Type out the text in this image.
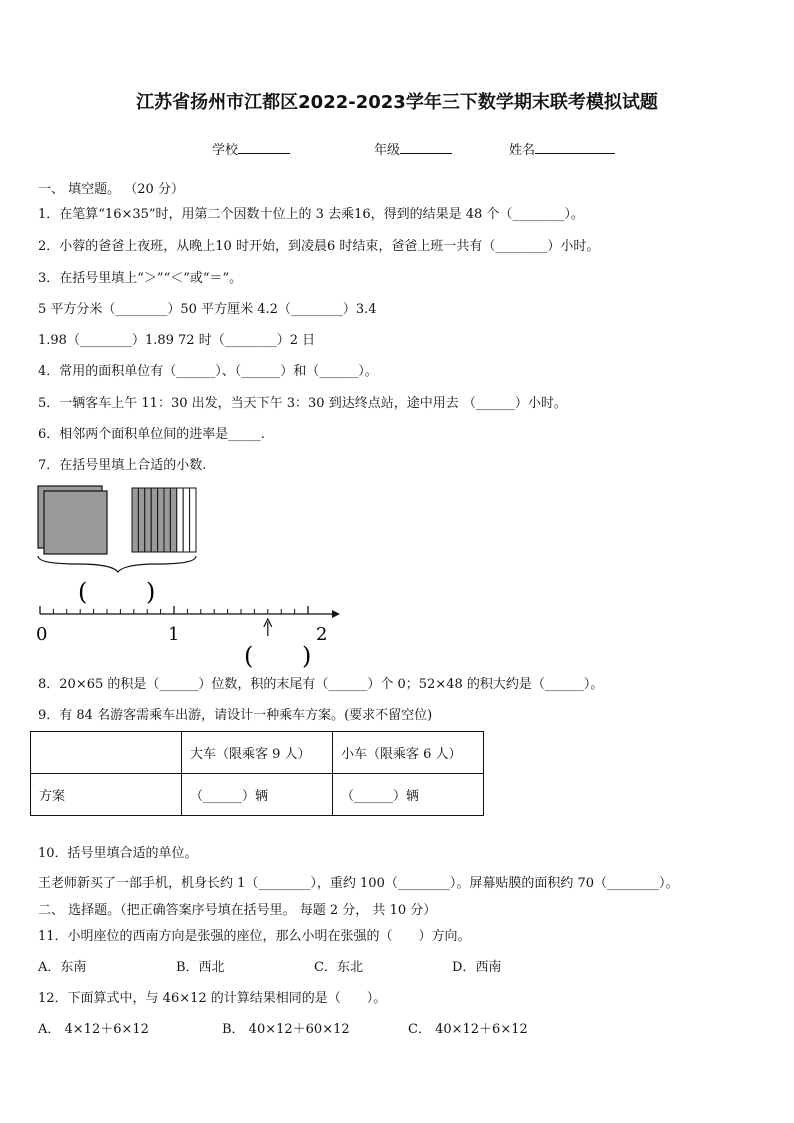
江苏省扬州市江都区2022-2023学年三下数学期末联考模拟试题
学校	年级	姓名
一、 填空题。 （20 分）
1．在笔算“16×35”时，用第二个因数十位上的 3 去乘16，得到的结果是 48 个（________）。
2．小蓉的爸爸上夜班，从晚上10 时开始，到凌晨6 时结束，爸爸上班一共有（________）小时。
3．在括号里填上“＞”“＜”或“＝”。
5 平方分米（________）50 平方厘米 4.2（________）3.4
1.98（________）1.89 72 时（________）2 日
4．常用的面积单位有（______）、（______）和（______）。
5．一辆客车上午 11：30 出发，当天下午 3：30 到达终点站，途中用去 （______）小时。
6．相邻两个面积单位间的进率是_____.
7．在括号里填上合适的小数.
( )
0	1	2
( )
8．20×65 的积是（______）位数，积的末尾有（______）个 0；52×48 的积大约是（______）。
9．有 84 名游客需乘车出游，请设计一种乘车方案。(要求不留空位)
	大车（限乘客 9 人）	小车（限乘客 6 人）
方案	（______）辆	（______）辆
10．括号里填合适的单位。
王老师新买了一部手机，机身长约 1（________），重约 100（________）。屏幕贴膜的面积约 70（________）。
二、 选择题。（把正确答案序号填在括号里。 每题 2 分， 共 10 分）
11．小明座位的西南方向是张强的座位，那么小明在张强的（　　）方向。
A．东南	B．西北	C．东北	D．西南
12．下面算式中，与 46×12 的计算结果相同的是（　　）。
A． 4×12＋6×12	B． 40×12＋60×12	C． 40×12＋6×12
